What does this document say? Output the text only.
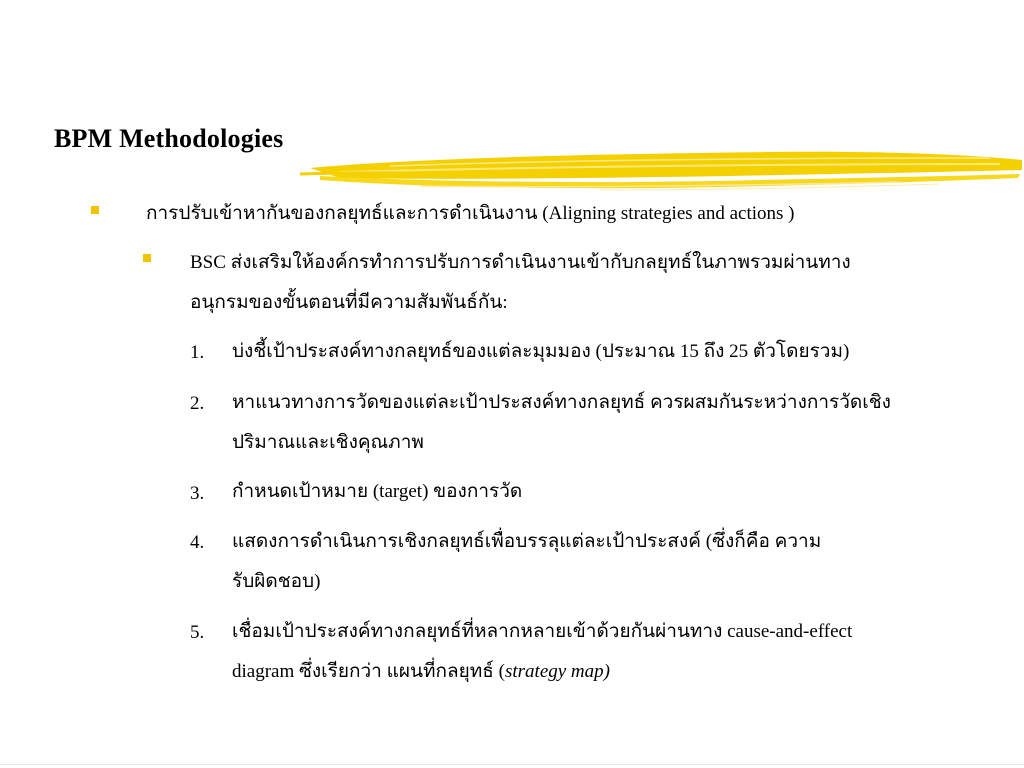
BPM Methodologies
การปรับเข้าหากันของกลยุทธ์และการดำเนินงาน (Aligning strategies and actions )
BSC ส่งเสริมให้องค์กรทำการปรับการดำเนินงานเข้ากับกลยุทธ์ในภาพรวมผ่านทาง
อนุกรมของขั้นตอนที่มีความสัมพันธ์กัน:
1. บ่งชี้เป้าประสงค์ทางกลยุทธ์ของแต่ละมุมมอง (ประมาณ 15 ถึง 25 ตัวโดยรวม)
2. หาแนวทางการวัดของแต่ละเป้าประสงค์ทางกลยุทธ์ ควรผสมกันระหว่างการวัดเชิง
ปริมาณและเชิงคุณภาพ
3. กำหนดเป้าหมาย (target) ของการวัด
4. แสดงการดำเนินการเชิงกลยุทธ์เพื่อบรรลุแต่ละเป้าประสงค์ (ซึ่งก็คือ ความ
รับผิดชอบ)
5. เชื่อมเป้าประสงค์ทางกลยุทธ์ที่หลากหลายเข้าด้วยกันผ่านทาง cause-and-effect
diagram ซึ่งเรียกว่า แผนที่กลยุทธ์ (strategy map)
